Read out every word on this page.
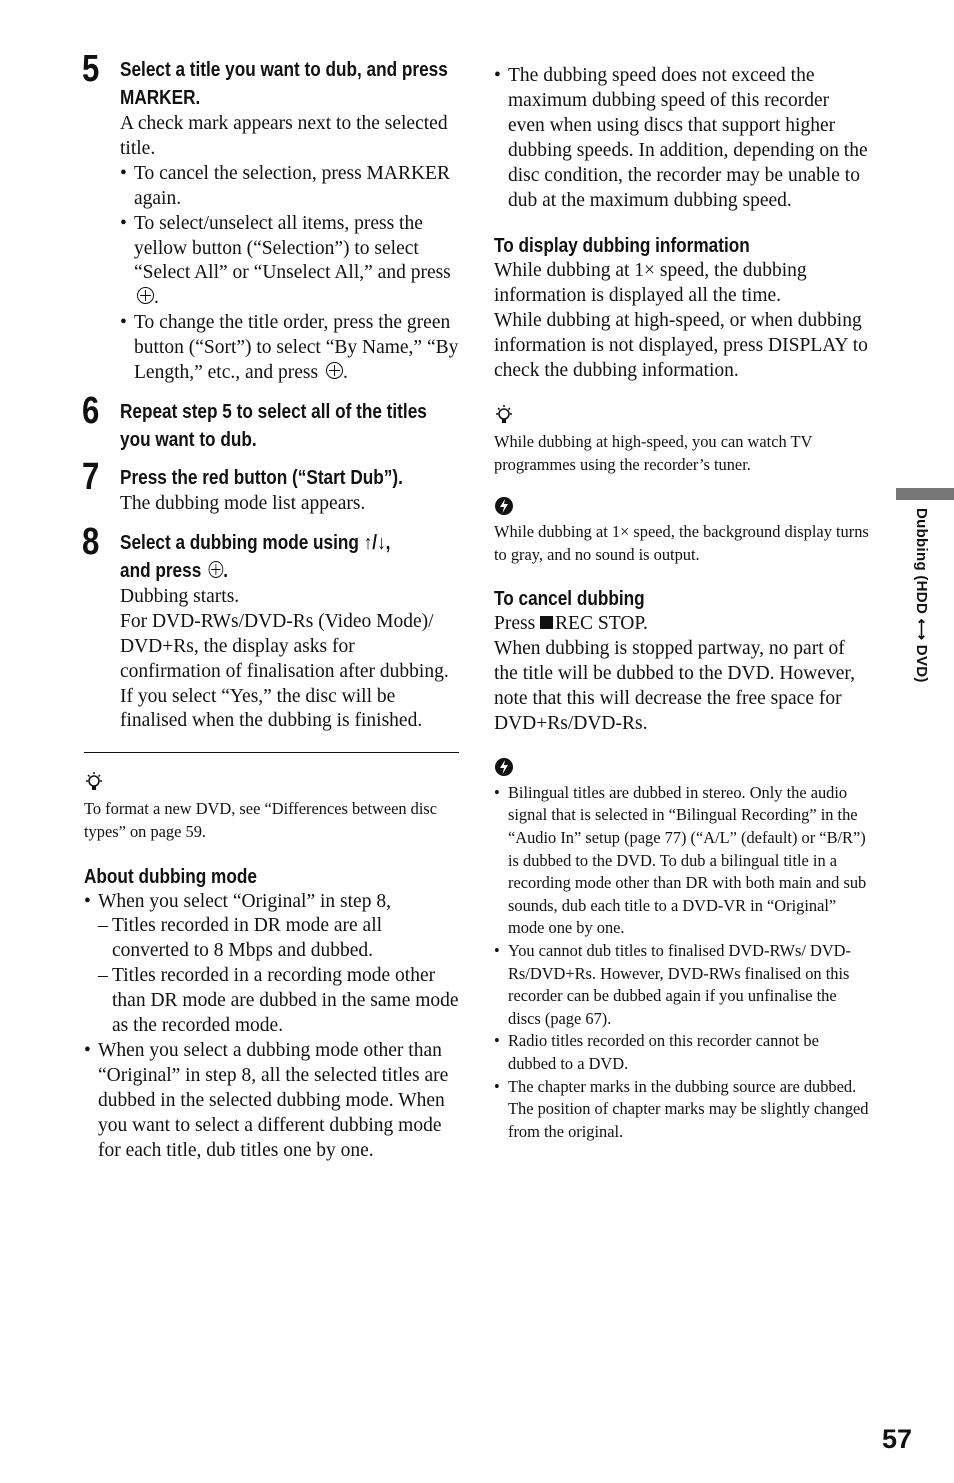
5 Select a title you want to dub, and press MARKER.
A check mark appears next to the selected title.
• To cancel the selection, press MARKER again.
• To select/unselect all items, press the yellow button (“Selection”) to select “Select All” or “Unselect All,” and press .
• To change the title order, press the green button (“Sort”) to select “By Name,” “By Length,” etc., and press .
6 Repeat step 5 to select all of the titles you want to dub.
7 Press the red button (“Start Dub”).
The dubbing mode list appears.
8 Select a dubbing mode using ↑/↓,
and press .
Dubbing starts.
For DVD-RWs/DVD-Rs (Video Mode)/ DVD+Rs, the display asks for confirmation of finalisation after dubbing. If you select “Yes,” the disc will be finalised when the dubbing is finished.
To format a new DVD, see “Differences between disc types” on page 59.
About dubbing mode
• When you select “Original” in step 8,
– Titles recorded in DR mode are all converted to 8 Mbps and dubbed.
– Titles recorded in a recording mode other than DR mode are dubbed in the same mode as the recorded mode.
• When you select a dubbing mode other than “Original” in step 8, all the selected titles are dubbed in the selected dubbing mode. When you want to select a different dubbing mode for each title, dub titles one by one.
• The dubbing speed does not exceed the maximum dubbing speed of this recorder even when using discs that support higher dubbing speeds. In addition, depending on the disc condition, the recorder may be unable to dub at the maximum dubbing speed.
To display dubbing information
While dubbing at 1× speed, the dubbing information is displayed all the time.
While dubbing at high-speed, or when dubbing information is not displayed, press DISPLAY to check the dubbing information.
While dubbing at high-speed, you can watch TV programmes using the recorder’s tuner.
While dubbing at 1× speed, the background display turns to gray, and no sound is output.
To cancel dubbing
Press REC STOP.
When dubbing is stopped partway, no part of the title will be dubbed to the DVD. However, note that this will decrease the free space for DVD+Rs/DVD-Rs.
• Bilingual titles are dubbed in stereo. Only the audio signal that is selected in “Bilingual Recording” in the “Audio In” setup (page 77) (“A/L” (default) or “B/R”) is dubbed to the DVD. To dub a bilingual title in a recording mode other than DR with both main and sub sounds, dub each title to a DVD-VR in “Original” mode one by one.
• You cannot dub titles to finalised DVD-RWs/ DVD-Rs/DVD+Rs. However, DVD-RWs finalised on this recorder can be dubbed again if you unfinalise the discs (page 67).
• Radio titles recorded on this recorder cannot be dubbed to a DVD.
• The chapter marks in the dubbing source are dubbed. The position of chapter marks may be slightly changed from the original.
Dubbing (HDD ⟷ DVD)
57
